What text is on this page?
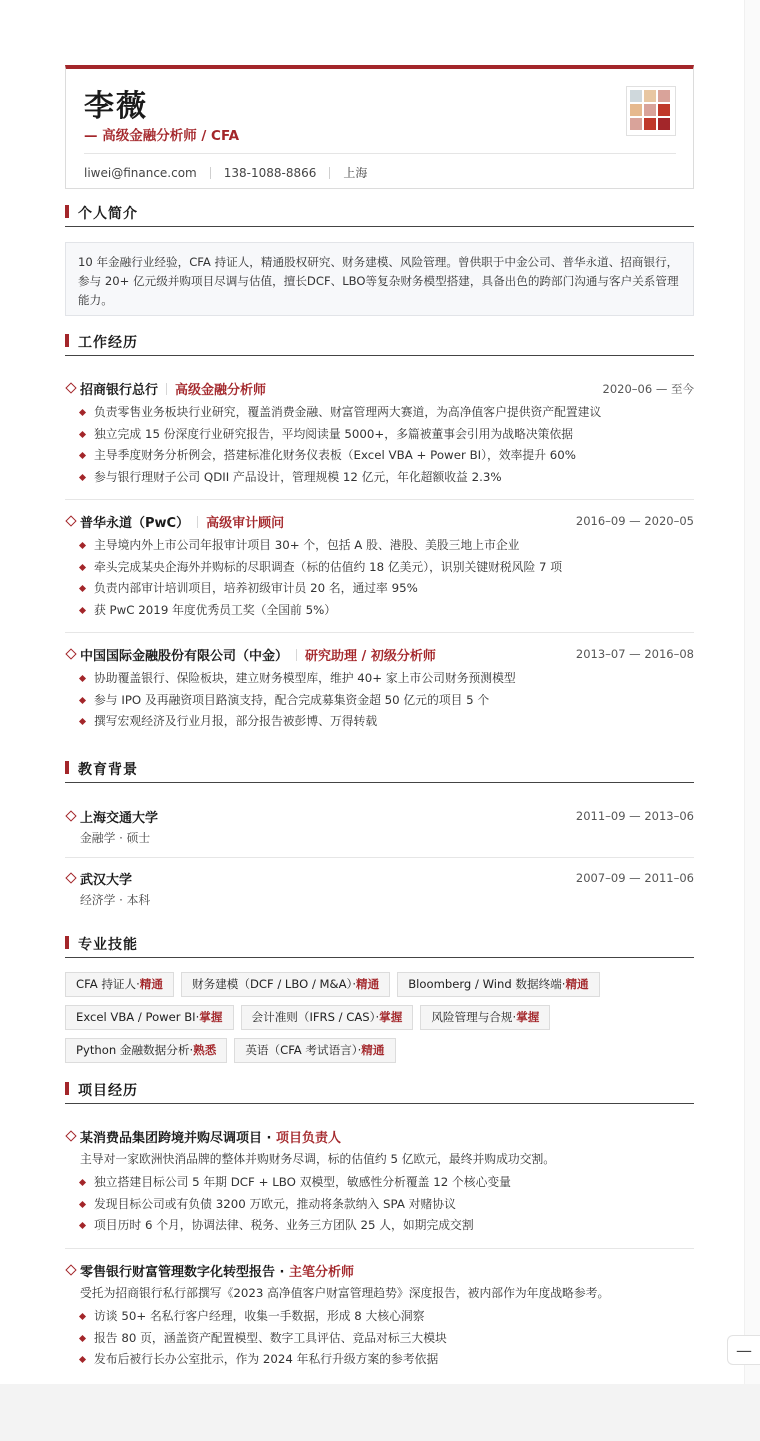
李薇
— 高级金融分析师 / CFA
liwei@finance.com 138-1088-8866 上海
个人简介
10 年金融行业经验，CFA 持证人，精通股权研究、财务建模、风险管理。曾供职于中金公司、普华永道、招商银行，参与 20+ 亿元级并购项目尽调与估值，擅长DCF、LBO等复杂财务模型搭建，具备出色的跨部门沟通与客户关系管理能力。
工作经历
招商银行总行 高级金融分析师	2020–06 — 至今
负责零售业务板块行业研究，覆盖消费金融、财富管理两大赛道，为高净值客户提供资产配置建议
独立完成 15 份深度行业研究报告，平均阅读量 5000+，多篇被董事会引用为战略决策依据
主导季度财务分析例会，搭建标准化财务仪表板（Excel VBA + Power BI），效率提升 60%
参与银行理财子公司 QDII 产品设计，管理规模 12 亿元，年化超额收益 2.3%
普华永道（PwC） 高级审计顾问	2016–09 — 2020–05
主导境内外上市公司年报审计项目 30+ 个，包括 A 股、港股、美股三地上市企业
牵头完成某央企海外并购标的尽职调查（标的估值约 18 亿美元），识别关键财税风险 7 项
负责内部审计培训项目，培养初级审计员 20 名，通过率 95%
获 PwC 2019 年度优秀员工奖（全国前 5%）
中国国际金融股份有限公司（中金） 研究助理 / 初级分析师	2013–07 — 2016–08
协助覆盖银行、保险板块，建立财务模型库，维护 40+ 家上市公司财务预测模型
参与 IPO 及再融资项目路演支持，配合完成募集资金超 50 亿元的项目 5 个
撰写宏观经济及行业月报，部分报告被彭博、万得转载
教育背景
上海交通大学	2011–09 — 2013–06
金融学 · 硕士
武汉大学	2007–09 — 2011–06
经济学 · 本科
专业技能
CFA 持证人·精通	财务建模（DCF / LBO / M&A）·精通	Bloomberg / Wind 数据终端·精通
Excel VBA / Power BI·掌握	会计准则（IFRS / CAS）·掌握	风险管理与合规·掌握
Python 金融数据分析·熟悉	英语（CFA 考试语言）·精通
项目经历
某消费品集团跨境并购尽调项目 · 项目负责人
主导对一家欧洲快消品牌的整体并购财务尽调，标的估值约 5 亿欧元，最终并购成功交割。
独立搭建目标公司 5 年期 DCF + LBO 双模型，敏感性分析覆盖 12 个核心变量
发现目标公司或有负债 3200 万欧元，推动将条款纳入 SPA 对赌协议
项目历时 6 个月，协调法律、税务、业务三方团队 25 人，如期完成交割
零售银行财富管理数字化转型报告 · 主笔分析师
受托为招商银行私行部撰写《2023 高净值客户财富管理趋势》深度报告，被内部作为年度战略参考。
访谈 50+ 名私行客户经理，收集一手数据，形成 8 大核心洞察
报告 80 页，涵盖资产配置模型、数字工具评估、竞品对标三大模块
发布后被行长办公室批示，作为 2024 年私行升级方案的参考依据	—
